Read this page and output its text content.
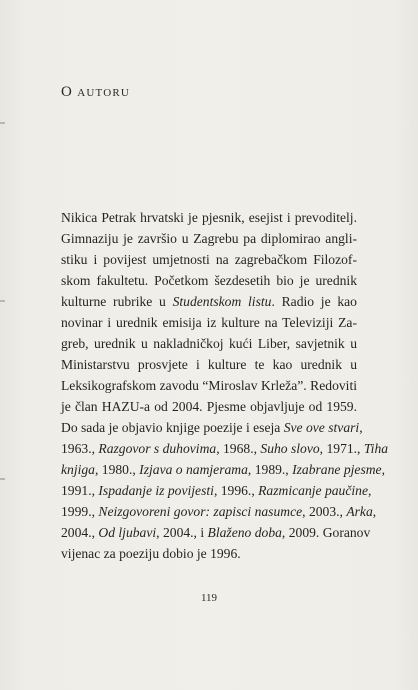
O AUTORU
Nikica Petrak hrvatski je pjesnik, esejist i prevoditelj.
Gimnaziju je završio u Zagrebu pa diplomirao angli-
stiku i povijest umjetnosti na zagrebačkom Filozof-
skom fakultetu. Početkom šezdesetih bio je urednik
kulturne rubrike u Studentskom listu. Radio je kao
novinar i urednik emisija iz kulture na Televiziji Za-
greb, urednik u nakladničkoj kući Liber, savjetnik u
Ministarstvu prosvjete i kulture te kao urednik u
Leksikografskom zavodu “Miroslav Krleža”. Redoviti
je član HAZU-a od 2004. Pjesme objavljuje od 1959.
Do sada je objavio knjige poezije i eseja Sve ove stvari,
1963., Razgovor s duhovima, 1968., Suho slovo, 1971., Tiha
knjiga, 1980., Izjava o namjerama, 1989., Izabrane pjesme,
1991., Ispadanje iz povijesti, 1996., Razmicanje paučine,
1999., Neizgovoreni govor: zapisci nasumce, 2003., Arka,
2004., Od ljubavi, 2004., i Blaženo doba, 2009. Goranov
vijenac za poeziju dobio je 1996.
119
